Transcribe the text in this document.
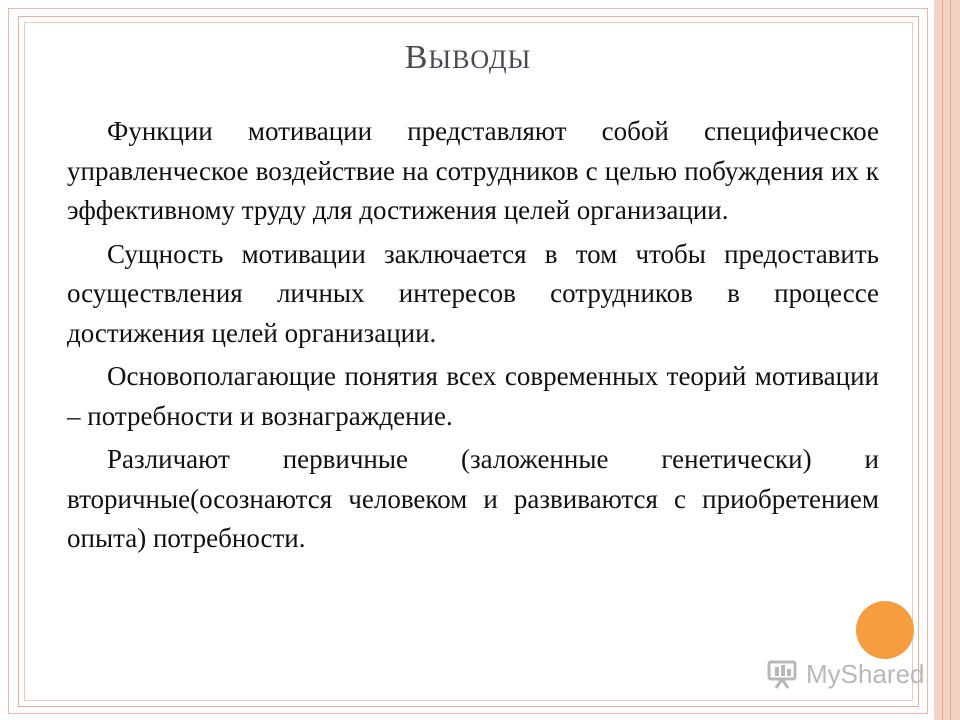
ВЫВОДЫ

Функции мотивации представляют собой специфическое управленческое воздействие на сотрудников с целью побуждения их к эффективному труду для достижения целей организации.

Сущность мотивации заключается в том чтобы предоставить осуществления личных интересов сотрудников в процессе достижения целей организации.

Основополагающие понятия всех современных теорий мотивации – потребности и вознаграждение.

Различают первичные (заложенные генетически) и вторичные(осознаются человеком и развиваются с приобретением опыта) потребности.

MyShared
